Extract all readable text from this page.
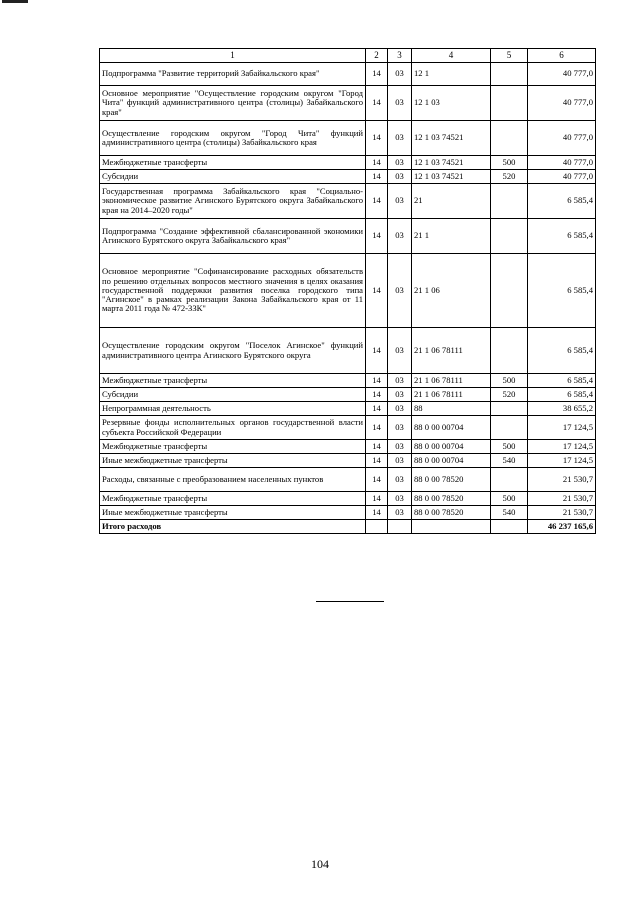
1	2	3	4	5	6
Подпрограмма "Развитие территорий Забайкальского края"	14	03	12 1		40 777,0
Основное мероприятие "Осуществление городским округом "Город Чита" функций административного центра (столицы) Забайкальского края"	14	03	12 1 03		40 777,0
Осуществление городским округом "Город Чита" функций административного центра (столицы) Забайкальского края	14	03	12 1 03 74521		40 777,0
Межбюджетные трансферты	14	03	12 1 03 74521	500	40 777,0
Субсидии	14	03	12 1 03 74521	520	40 777,0
Государственная программа Забайкальского края "Социально-экономическое развитие Агинского Бурятского округа Забайкальского края на 2014–2020 годы"	14	03	21		6 585,4
Подпрограмма "Создание эффективной сбалансированной экономики Агинского Бурятского округа Забайкальского края"	14	03	21 1		6 585,4
Основное мероприятие "Софинансирование расходных обязательств по решению отдельных вопросов местного значения в целях оказания государственной поддержки развития поселка городского типа "Агинское" в рамках реализации Закона Забайкальского края от 11 марта 2011 года № 472-ЗЗК"	14	03	21 1 06		6 585,4
Осуществление городским округом "Поселок Агинское" функций административного центра Агинского Бурятского округа	14	03	21 1 06 78111		6 585,4
Межбюджетные трансферты	14	03	21 1 06 78111	500	6 585,4
Субсидии	14	03	21 1 06 78111	520	6 585,4
Непрограммная деятельность	14	03	88		38 655,2
Резервные фонды исполнительных органов государственной власти субъекта Российской Федерации	14	03	88 0 00 00704		17 124,5
Межбюджетные трансферты	14	03	88 0 00 00704	500	17 124,5
Иные межбюджетные трансферты	14	03	88 0 00 00704	540	17 124,5
Расходы, связанные с преобразованием населенных пунктов	14	03	88 0 00 78520		21 530,7
Межбюджетные трансферты	14	03	88 0 00 78520	500	21 530,7
Иные межбюджетные трансферты	14	03	88 0 00 78520	540	21 530,7
Итого расходов					46 237 165,6
104
